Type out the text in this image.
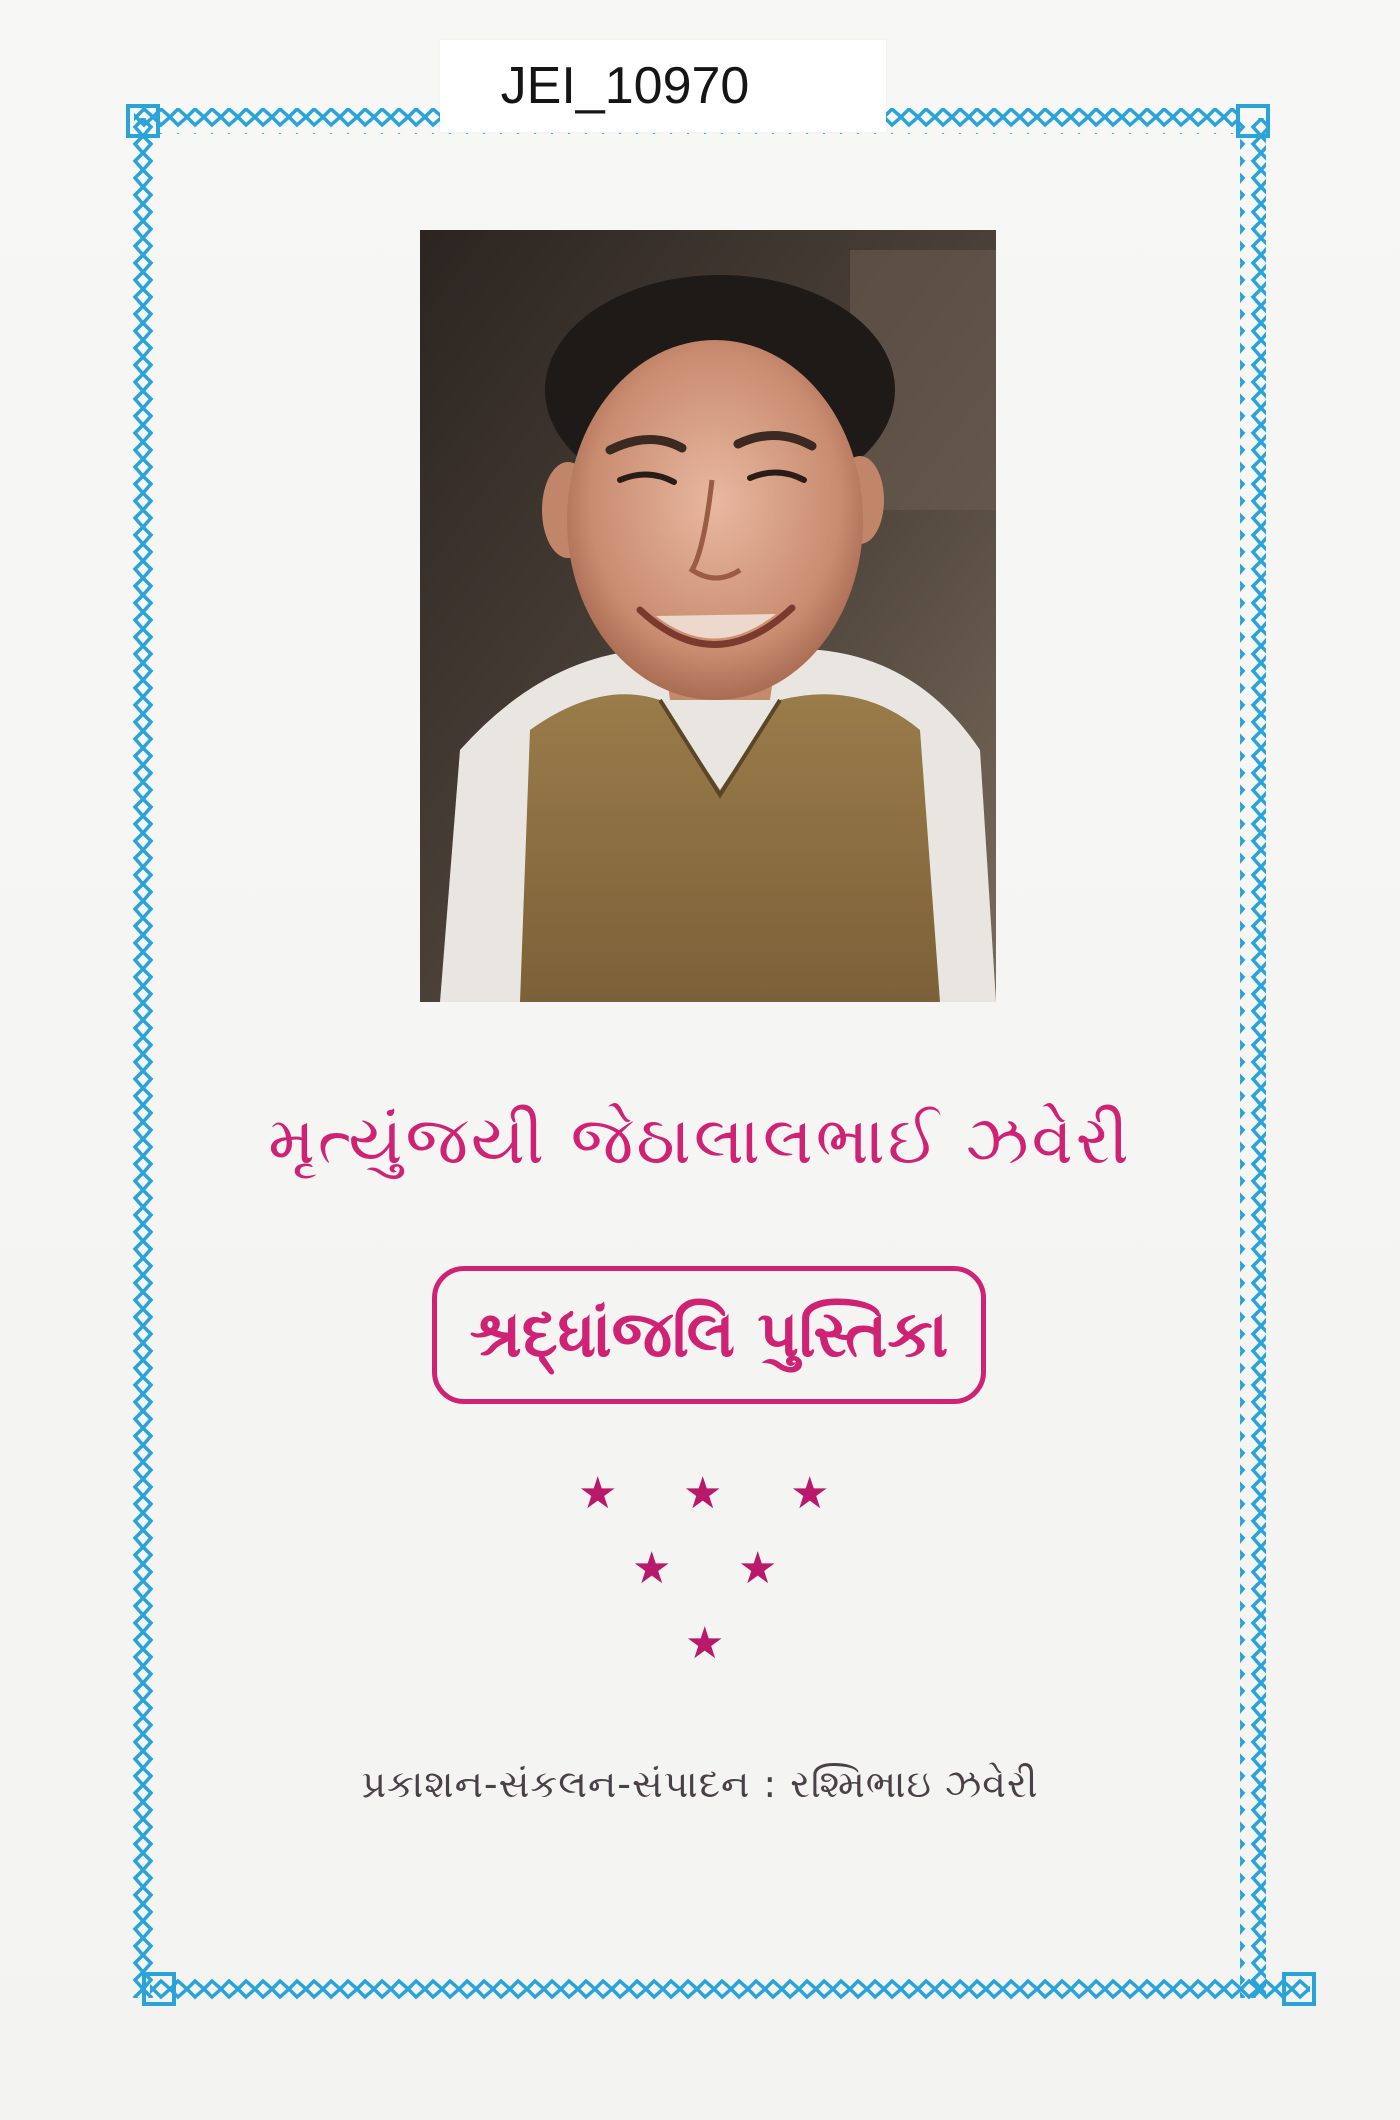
JEI_10970
મૃત્યુંજયી જેઠાલાલભાઈ ઝવેરી
શ્રદ્ધાંજલિ પુસ્તિકા
★ ★ ★
★ ★
★
પ્રકાશન-સંકલન-સંપાદન : રશ્મિભાઇ ઝવેરી
